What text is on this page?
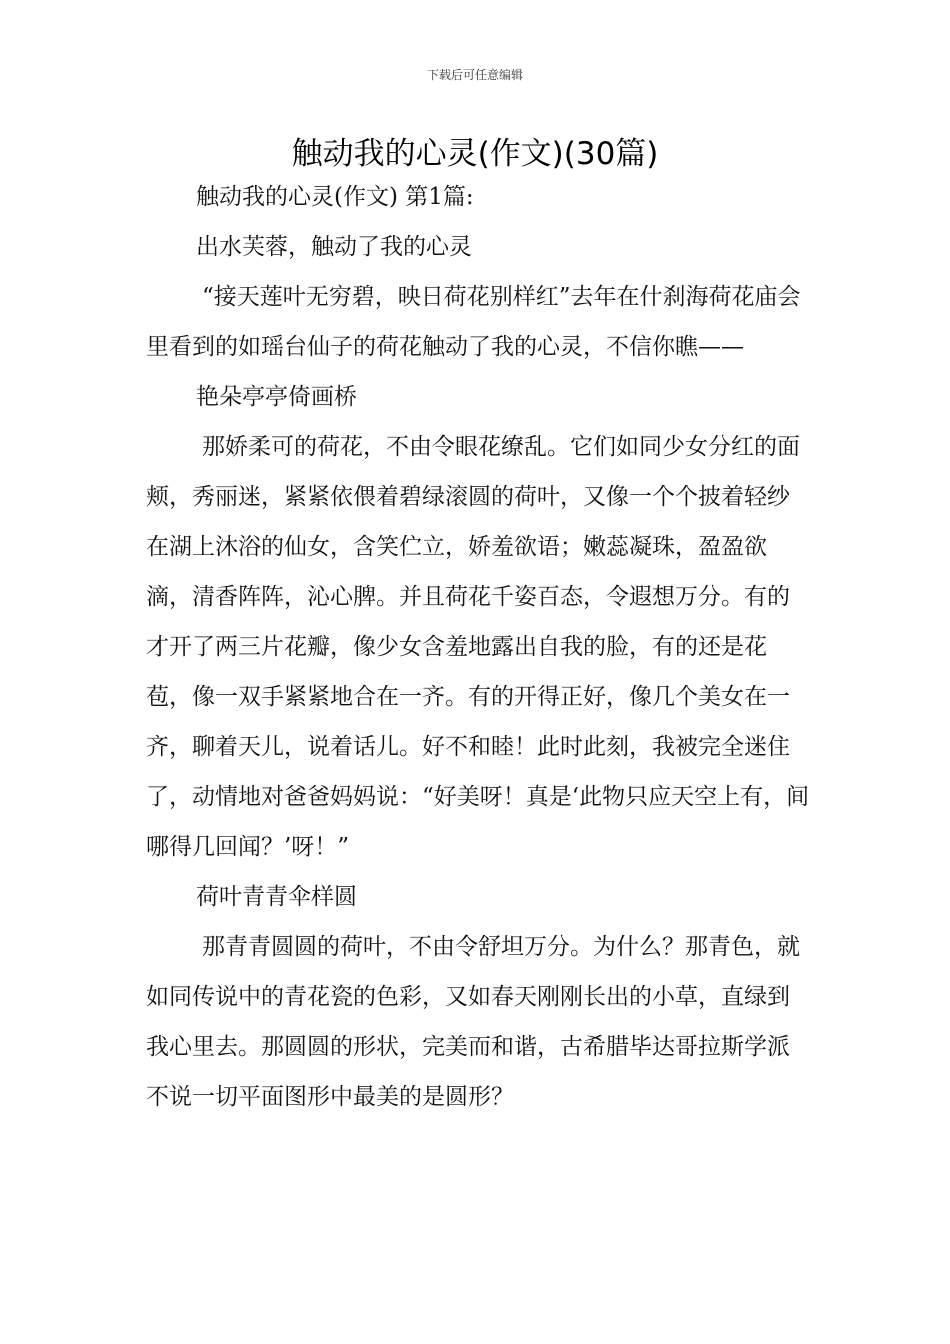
下载后可任意编辑
触动我的心灵(作文)(30篇)

触动我的心灵(作文) 第1篇:

出水芙蓉，触动了我的心灵

“接天莲叶无穷碧，映日荷花别样红”去年在什刹海荷花庙会里看到的如瑶台仙子的荷花触动了我的心灵，不信你瞧——

艳朵亭亭倚画桥

那娇柔可的荷花，不由令眼花缭乱。它们如同少女分红的面颊，秀丽迷，紧紧依偎着碧绿滚圆的荷叶，又像一个个披着轻纱在湖上沐浴的仙女，含笑伫立，娇羞欲语；嫩蕊凝珠，盈盈欲滴，清香阵阵，沁心脾。并且荷花千姿百态，令遐想万分。有的才开了两三片花瓣，像少女含羞地露出自我的脸，有的还是花苞，像一双手紧紧地合在一齐。有的开得正好，像几个美女在一齐，聊着天儿，说着话儿。好不和睦！此时此刻，我被完全迷住了，动情地对爸爸妈妈说：“好美呀！真是‘此物只应天空上有，间哪得几回闻？’呀！”

荷叶青青伞样圆

那青青圆圆的荷叶，不由令舒坦万分。为什么？那青色，就如同传说中的青花瓷的色彩，又如春天刚刚长出的小草，直绿到我心里去。那圆圆的形状，完美而和谐，古希腊毕达哥拉斯学派不说一切平面图形中最美的是圆形？
